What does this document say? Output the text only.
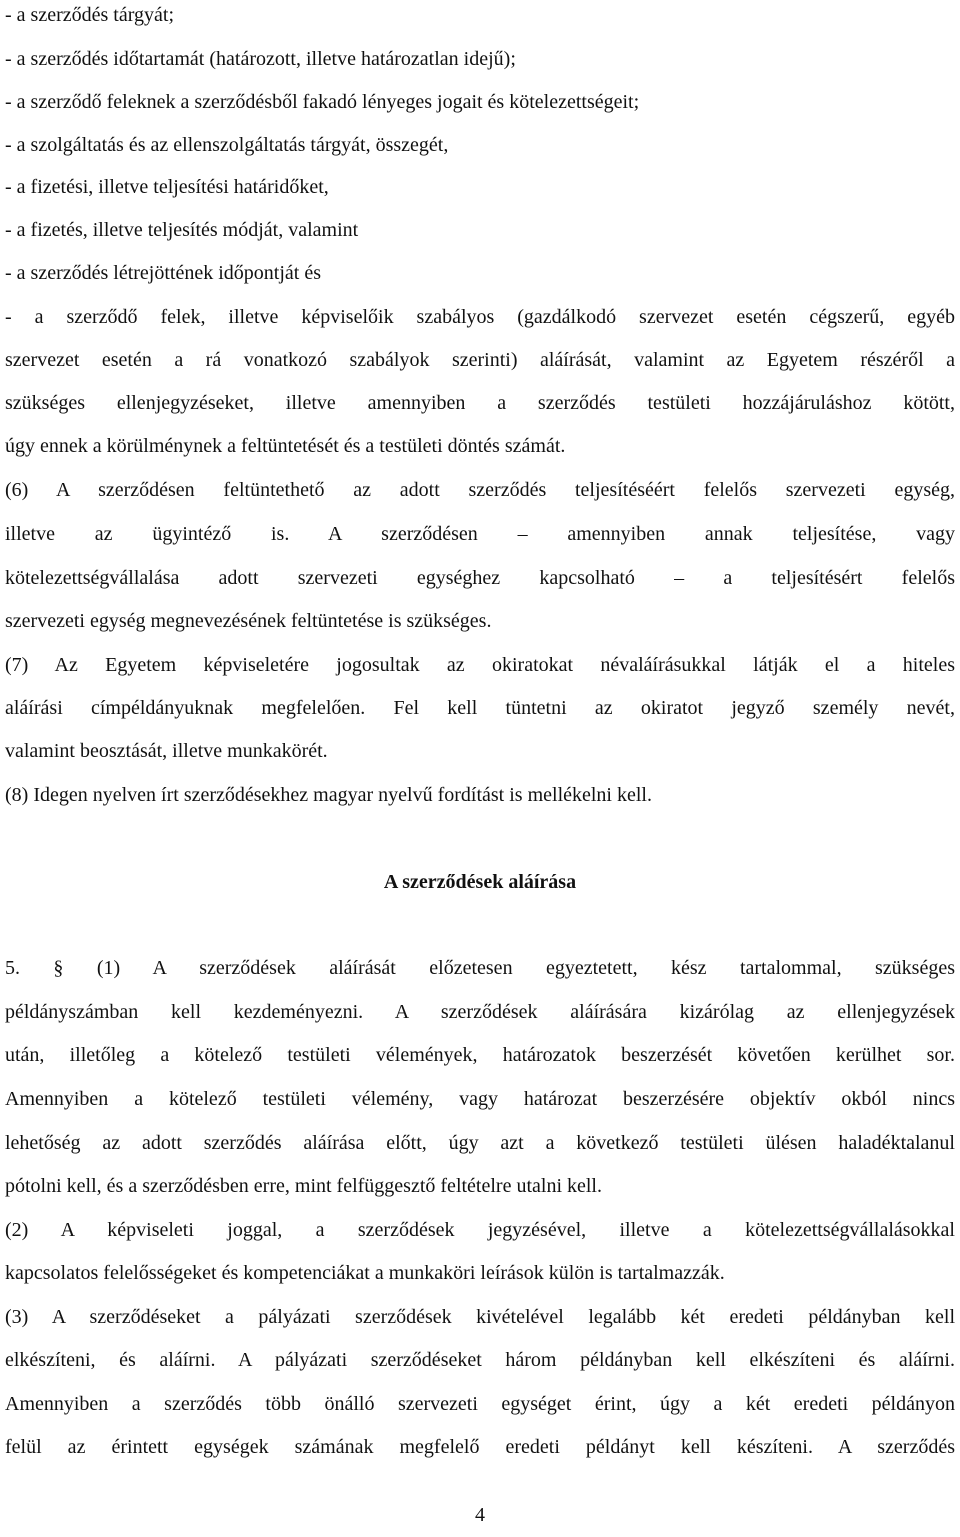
- a szerződés tárgyát;
- a szerződés időtartamát (határozott, illetve határozatlan idejű);
- a szerződő feleknek a szerződésből fakadó lényeges jogait és kötelezettségeit;
- a szolgáltatás és az ellenszolgáltatás tárgyát, összegét,
- a fizetési, illetve teljesítési határidőket,
- a fizetés, illetve teljesítés módját, valamint
- a szerződés létrejöttének időpontját és
- a szerződő felek, illetve képviselőik szabályos (gazdálkodó szervezet esetén cégszerű, egyéb
szervezet esetén a rá vonatkozó szabályok szerinti) aláírását, valamint az Egyetem részéről a
szükséges ellenjegyzéseket, illetve amennyiben a szerződés testületi hozzájáruláshoz kötött,
úgy ennek a körülménynek a feltüntetését és a testületi döntés számát.
(6) A szerződésen feltüntethető az adott szerződés teljesítéséért felelős szervezeti egység,
illetve az ügyintéző is. A szerződésen – amennyiben annak teljesítése, vagy
kötelezettségvállalása adott szervezeti egységhez kapcsolható – a teljesítésért felelős
szervezeti egység megnevezésének feltüntetése is szükséges.
(7) Az Egyetem képviseletére jogosultak az okiratokat névaláírásukkal látják el a hiteles
aláírási címpéldányuknak megfelelően. Fel kell tüntetni az okiratot jegyző személy nevét,
valamint beosztását, illetve munkakörét.
(8) Idegen nyelven írt szerződésekhez magyar nyelvű fordítást is mellékelni kell.
A szerződések aláírása
5. § (1) A szerződések aláírását előzetesen egyeztetett, kész tartalommal, szükséges
példányszámban kell kezdeményezni. A szerződések aláírására kizárólag az ellenjegyzések
után, illetőleg a kötelező testületi vélemények, határozatok beszerzését követően kerülhet sor.
Amennyiben a kötelező testületi vélemény, vagy határozat beszerzésére objektív okból nincs
lehetőség az adott szerződés aláírása előtt, úgy azt a következő testületi ülésen haladéktalanul
pótolni kell, és a szerződésben erre, mint felfüggesztő feltételre utalni kell.
(2) A képviseleti joggal, a szerződések jegyzésével, illetve a kötelezettségvállalásokkal
kapcsolatos felelősségeket és kompetenciákat a munkaköri leírások külön is tartalmazzák.
(3) A szerződéseket a pályázati szerződések kivételével legalább két eredeti példányban kell
elkészíteni, és aláírni. A pályázati szerződéseket három példányban kell elkészíteni és aláírni.
Amennyiben a szerződés több önálló szervezeti egységet érint, úgy a két eredeti példányon
felül az érintett egységek számának megfelelő eredeti példányt kell készíteni. A szerződés
4
